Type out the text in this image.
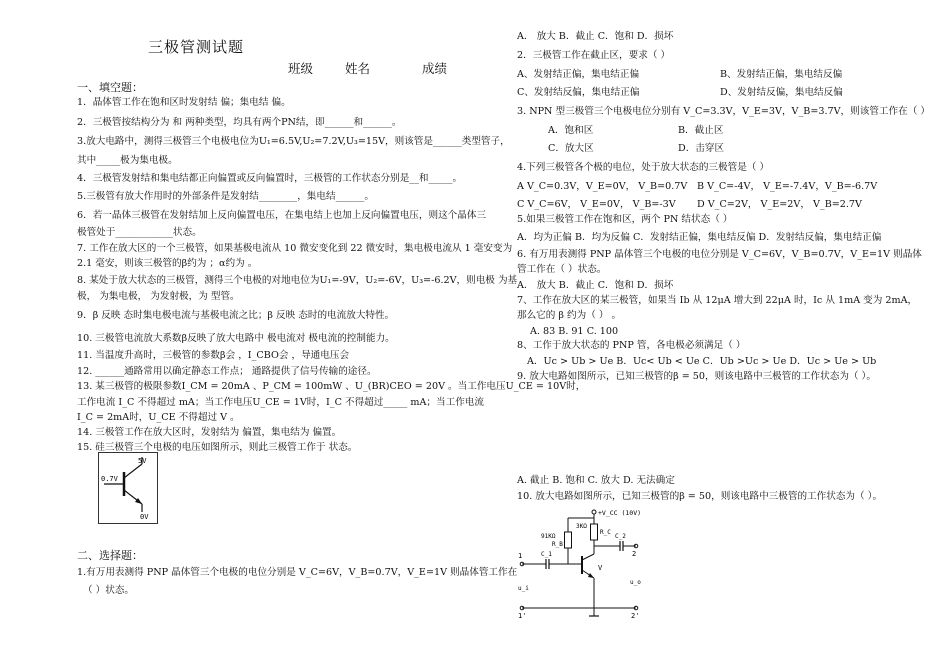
三极管测试题
班级	姓名	成绩
一、填空题：
1．晶体管工作在饱和区时发射结 偏；集电结 偏。
2．三极管按结构分为 和 两种类型，均具有两个PN结，即______和______。
3.放大电路中，测得三极管三个电极电位为U₁=6.5V,U₂=7.2V,U₃=15V，则该管是______类型管子，
其中_____极为集电极。
4．三极管发射结和集电结都正向偏置或反向偏置时，三极管的工作状态分别是__和_____。
5.三极管有放大作用时的外部条件是发射结________，集电结______。
6．若一晶体三极管在发射结加上反向偏置电压，在集电结上也加上反向偏置电压，则这个晶体三
极管处于____________状态。
7. 工作在放大区的一个三极管，如果基极电流从 10 微安变化到 22 微安时，集电极电流从 1 毫安变为
2.1 毫安，则该三极管的β约为 ；α约为 。
8. 某处于放大状态的三极管，测得三个电极的对地电位为U₁=-9V，U₂=-6V，U₃=-6.2V，则电极 为基
极， 为集电极， 为发射极，为 型管。
9．β 反映 态时集电极电流与基极电流之比；β 反映 态时的电流放大特性。
10. 三极管电流放大系数β反映了放大电路中 极电流对 极电流的控制能力。
11. 当温度升高时，三极管的参数β会 ，I_CBO会 ，导通电压会
12. ______通路常用以确定静态工作点； 通路提供了信号传输的途径。
13. 某三极管的极限参数I_CM = 20mA 、P_CM = 100mW 、U_(BR)CEO = 20V 。当工作电压U_CE = 10V时，
工作电流 I_C 不得超过 mA；当工作电压U_CE = 1V时，I_C 不得超过_____ mA；当工作电流
I_C = 2mA时，U_CE 不得超过 V 。
14. 三极管工作在放大区时，发射结为 偏置，集电结为 偏置。
15. 硅三极管三个电极的电压如图所示，则此三极管工作于 状态。
5V
0.7V
0V
二、选择题：
1.有万用表测得 PNP 晶体管三个电极的电位分别是 V_C=6V，V_B=0.7V，V_E=1V 则晶体管工作在
（ ）状态。
A． 放大 B．截止 C．饱和 D．损坏
2．三极管工作在截止区，要求（ ）
A、发射结正偏，集电结正偏	B、发射结正偏，集电结反偏
C、发射结反偏，集电结正偏	D、发射结反偏，集电结反偏
3. NPN 型三极管三个电极电位分别有 V_C=3.3V，V_E=3V，V_B=3.7V，则该管工作在（ ）
A．饱和区	B．截止区
C．放大区	D．击穿区
4.下列三极管各个极的电位，处于放大状态的三极管是（ ）
A V_C=0.3V，V_E=0V， V_B=0.7V B V_C=-4V， V_E=-7.4V，V_B=-6.7V
C V_C=6V， V_E=0V， V_B=-3V D V_C=2V， V_E=2V， V_B=2.7V
5.如果三极管工作在饱和区，两个 PN 结状态（ ）
A．均为正偏 B．均为反偏 C．发射结正偏，集电结反偏 D．发射结反偏，集电结正偏
6. 有万用表测得 PNP 晶体管三个电极的电位分别是 V_C=6V，V_B=0.7V，V_E=1V 则晶体
管工作在（ ）状态。
A． 放大 B．截止 C．饱和 D．损坏
7、工作在放大区的某三极管，如果当 Ib 从 12μA 增大到 22μA 时，Ic 从 1mA 变为 2mA，
那么它的 β 约为（ ） 。
A. 83 B. 91 C. 100
8、工作于放大状态的 PNP 管，各电极必须满足（ ）
A．Uc > Ub > Ue B．Uc< Ub < Ue C．Ub >Uc > Ue D．Uc > Ue > Ub
9. 放大电路如图所示，已知三极管的β = 50，则该电路中三极管的工作状态为（ ）。
A. 截止 B. 饱和 C. 放大 D. 无法确定
10. 放大电路如图所示，已知三极管的β = 50，则该电路中三极管的工作状态为（ ）。
+V_CC (10V)
91KΩ
R_B
3KΩ
R_C
V
C_1
1
u_i
C_2
2
u_o
1'	2'
